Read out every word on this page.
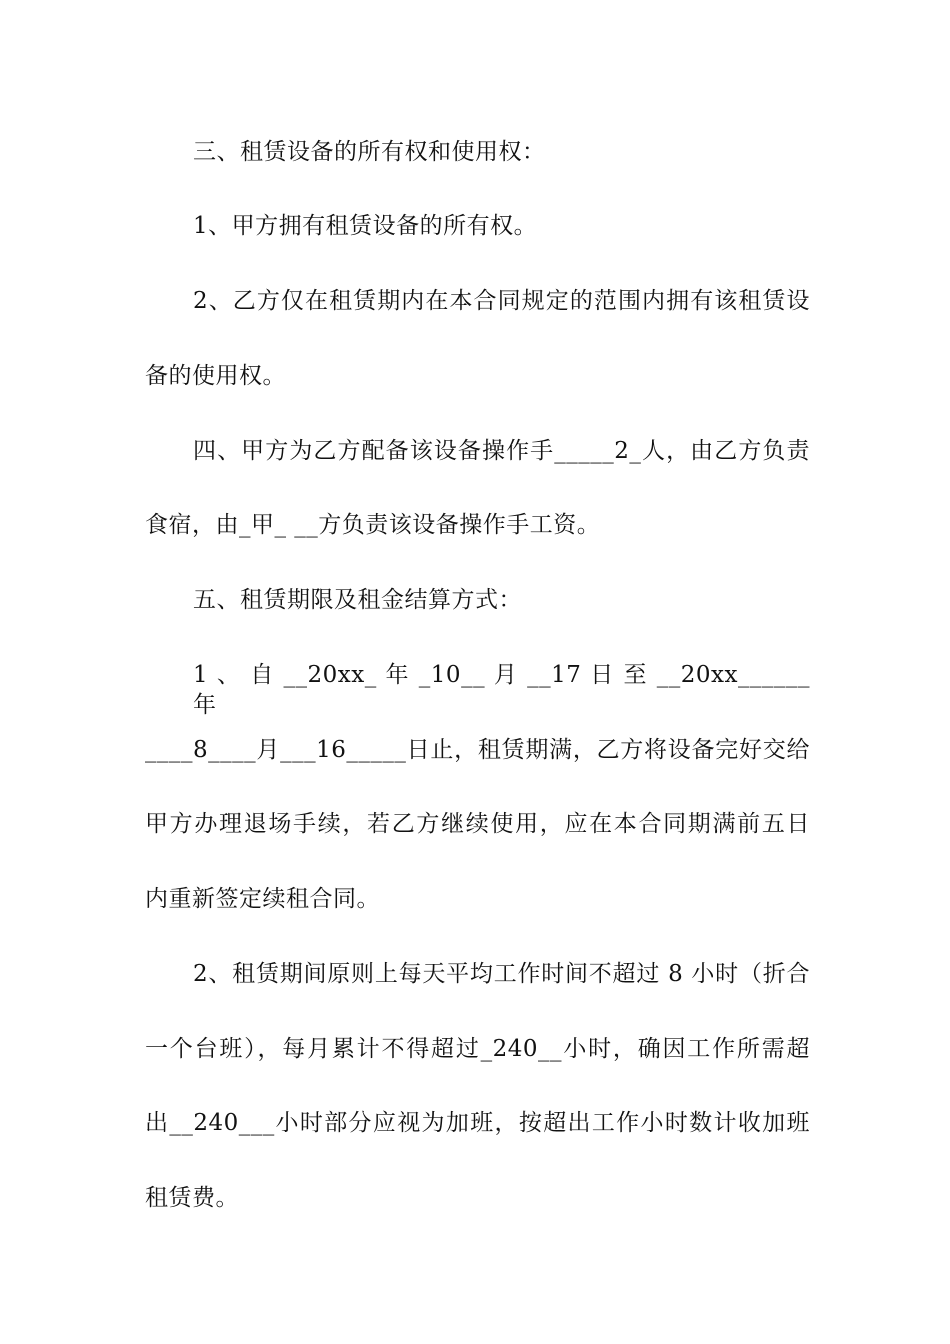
三、租赁设备的所有权和使用权：
1、甲方拥有租赁设备的所有权。
2、乙方仅在租赁期内在本合同规定的范围内拥有该租赁设
备的使用权。
四、甲方为乙方配备该设备操作手_____2_人，由乙方负责
食宿，由_甲_ __方负责该设备操作手工资。
五、租赁期限及租金结算方式：
1 、 自 __20xx_ 年 _10__ 月 __17 日 至 __20xx______ 年
____8____月___16_____日止，租赁期满，乙方将设备完好交给
甲方办理退场手续，若乙方继续使用，应在本合同期满前五日
内重新签定续租合同。
2、租赁期间原则上每天平均工作时间不超过 8 小时（折合
一个台班），每月累计不得超过_240__小时，确因工作所需超
出__240___小时部分应视为加班，按超出工作小时数计收加班
租赁费。
